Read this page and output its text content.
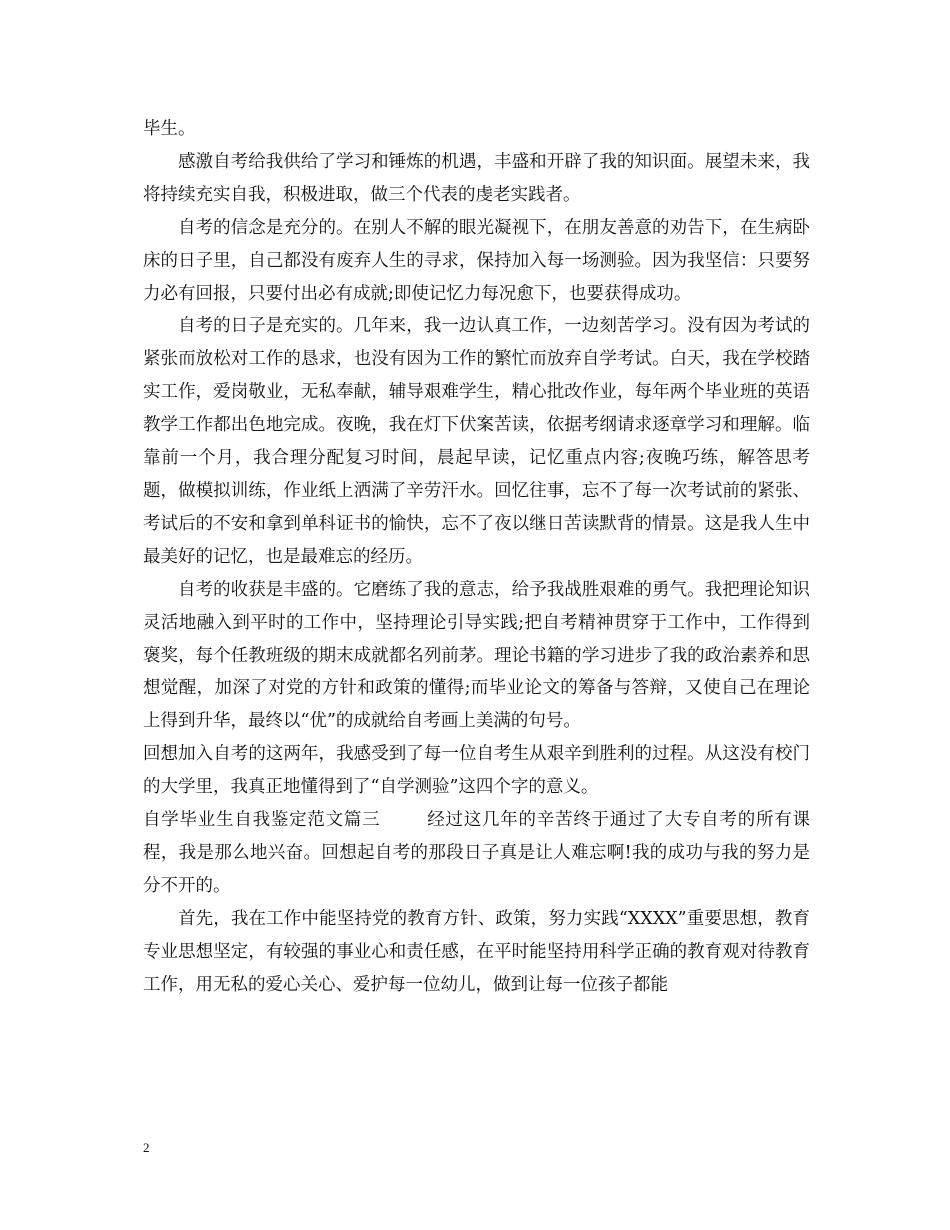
毕生。

感激自考给我供给了学习和锤炼的机遇，丰盛和开辟了我的知识面。展望未来，我将持续充实自我，积极进取，做三个代表的虔老实践者。

自考的信念是充分的。在别人不解的眼光凝视下，在朋友善意的劝告下，在生病卧床的日子里，自己都没有废弃人生的寻求，保持加入每一场测验。因为我坚信：只要努力必有回报，只要付出必有成就;即使记忆力每况愈下，也要获得成功。

自考的日子是充实的。几年来，我一边认真工作，一边刻苦学习。没有因为考试的紧张而放松对工作的恳求，也没有因为工作的繁忙而放弃自学考试。白天，我在学校踏实工作，爱岗敬业，无私奉献，辅导艰难学生，精心批改作业，每年两个毕业班的英语教学工作都出色地完成。夜晚，我在灯下伏案苦读，依据考纲请求逐章学习和理解。临靠前一个月，我合理分配复习时间，晨起早读，记忆重点内容;夜晚巧练，解答思考题，做模拟训练，作业纸上洒满了辛劳汗水。回忆往事，忘不了每一次考试前的紧张、考试后的不安和拿到单科证书的愉快，忘不了夜以继日苦读默背的情景。这是我人生中最美好的记忆，也是最难忘的经历。

自考的收获是丰盛的。它磨练了我的意志，给予我战胜艰难的勇气。我把理论知识灵活地融入到平时的工作中，坚持理论引导实践;把自考精神贯穿于工作中，工作得到褒奖，每个任教班级的期末成就都名列前茅。理论书籍的学习进步了我的政治素养和思想觉醒，加深了对党的方针和政策的懂得;而毕业论文的筹备与答辩，又使自己在理论上得到升华，最终以“优”的成就给自考画上美满的句号。

回想加入自考的这两年，我感受到了每一位自考生从艰辛到胜利的过程。从这没有校门的大学里，我真正地懂得到了“自学测验”这四个字的意义。

自学毕业生自我鉴定范文篇三	经过这几年的辛苦终于通过了大专自考的所有课程，我是那么地兴奋。回想起自考的那段日子真是让人难忘啊!我的成功与我的努力是分不开的。

首先，我在工作中能坚持党的教育方针、政策，努力实践“XXXX”重要思想，教育专业思想坚定，有较强的事业心和责任感，在平时能坚持用科学正确的教育观对待教育工作，用无私的爱心关心、爱护每一位幼儿，做到让每一位孩子都能

2
